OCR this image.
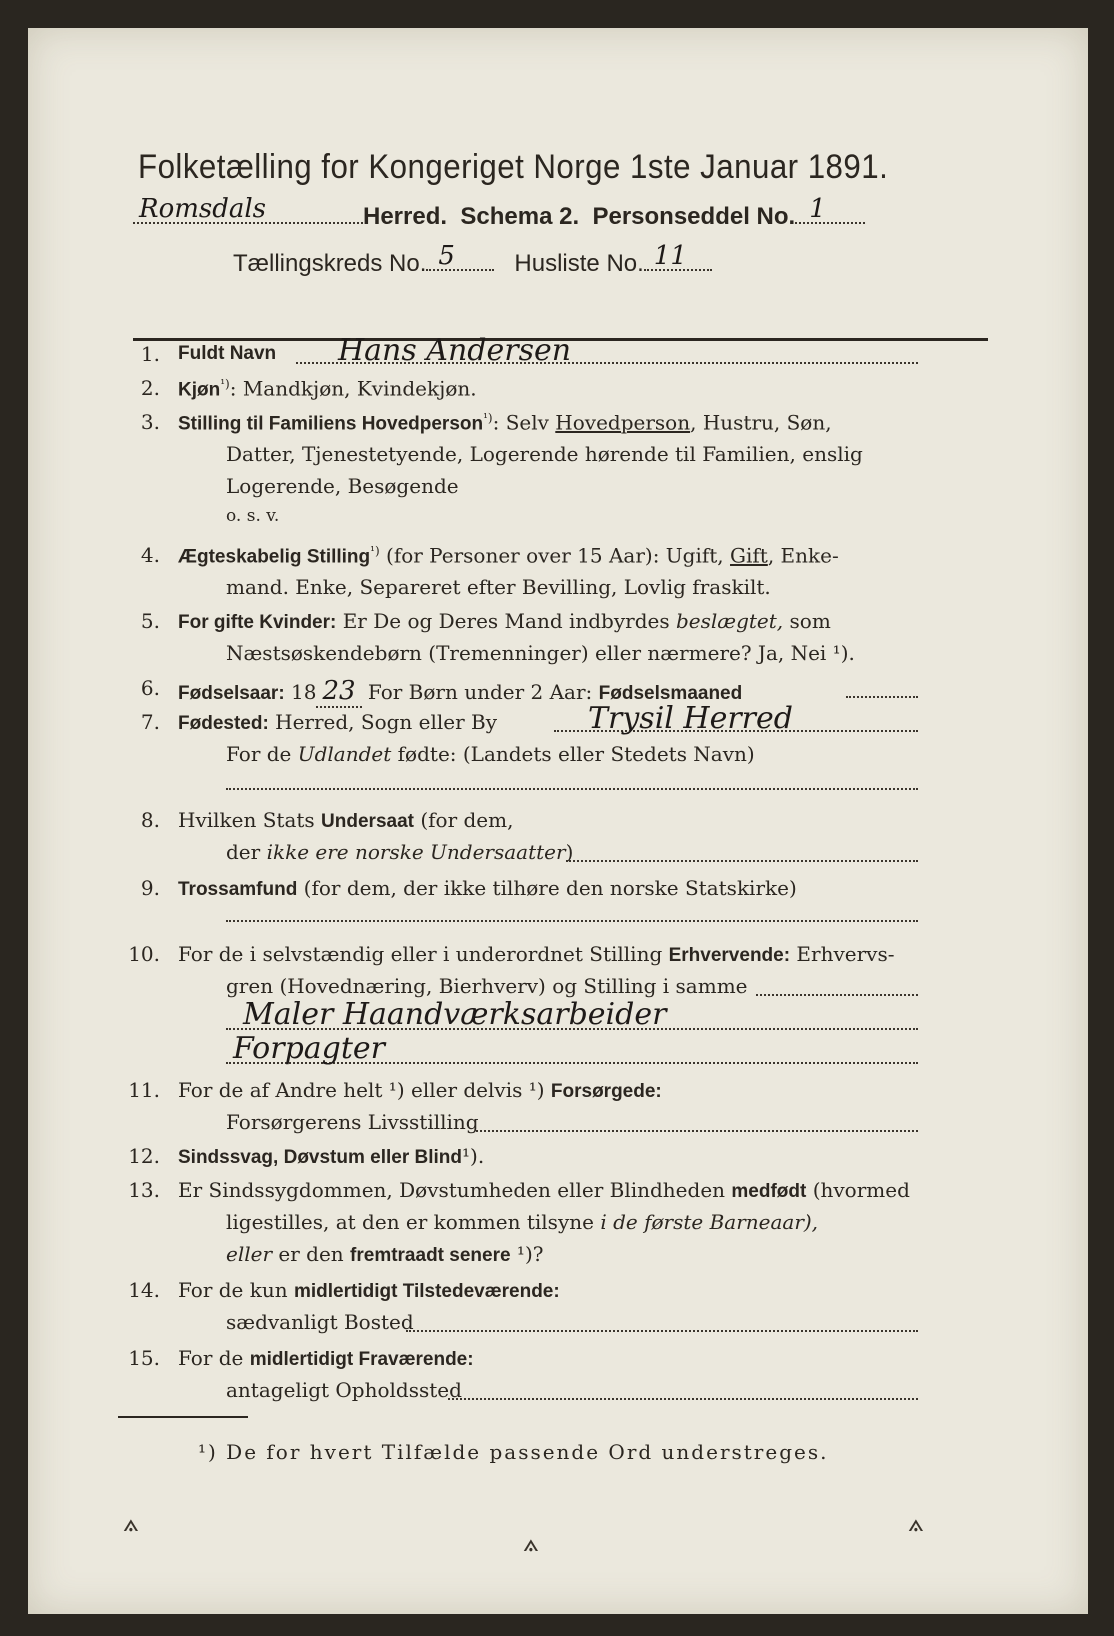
Folketælling for Kongeriget Norge 1ste Januar 1891.
Romsdals	Herred. Schema 2. Personseddel No. 1
Tællingskreds No. 5 Husliste No. 11
1. Fuldt Navn Hans Andersen
2. Kjøn$^{^1)}$: Mandkjøn, Kvindekjøn.
3. Stilling til Familiens Hovedperson$^{^1)}$: Selv Hovedperson, Hustru, Søn,
Datter, Tjenestetyende, Logerende hørende til Familien, enslig
Logerende, Besøgende
o. s. v.
4. Ægteskabelig Stilling$^{^1)}$ (for Personer over 15 Aar): Ugift, Gift, Enke-
mand. Enke, Separeret efter Bevilling, Lovlig fraskilt.
5. For gifte Kvinder: Er De og Deres Mand indbyrdes beslægtet, som
Næstsøskendebørn (Tremenninger) eller nærmere? Ja, Nei ¹).
6. Fødselsaar: 18 23 For Børn under 2 Aar: Fødselsmaaned
7. Fødested: Herred, Sogn eller By	Trysil Herred
For de Udlandet fødte: (Landets eller Stedets Navn)
8. Hvilken Stats Undersaat (for dem,
der ikke ere norske Undersaatter)
9. Trossamfund (for dem, der ikke tilhøre den norske Statskirke)
10. For de i selvstændig eller i underordnet Stilling Erhvervende: Erhvervs-
gren (Hovednæring, Bierhverv) og Stilling i samme
Maler Haandværksarbeider
Forpagter
11. For de af Andre helt ¹) eller delvis ¹) Forsørgede:
Forsørgerens Livsstilling
12. Sindssvag, Døvstum eller Blind¹).
13. Er Sindssygdommen, Døvstumheden eller Blindheden medfødt (hvormed
ligestilles, at den er kommen tilsyne i de første Barneaar),
eller er den fremtraadt senere ¹)?
14. For de kun midlertidigt Tilstedeværende:
sædvanligt Bosted
15. For de midlertidigt Fraværende:
antageligt Opholdssted
¹) De for hvert Tilfælde passende Ord understreges.
⟑
⟑
⟑
